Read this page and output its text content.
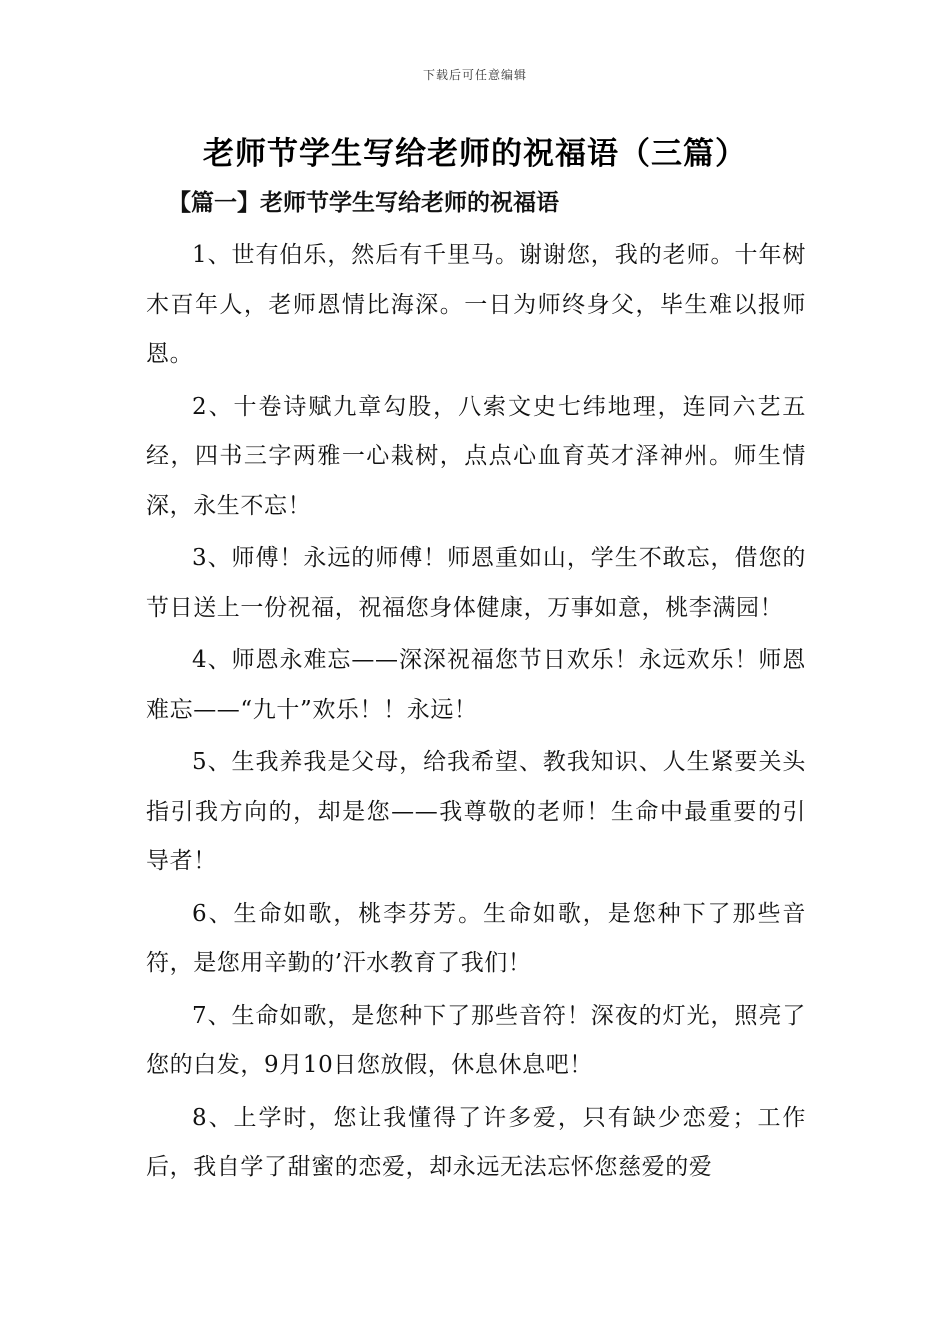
下载后可任意编辑
老师节学生写给老师的祝福语（三篇）
【篇一】老师节学生写给老师的祝福语

1、世有伯乐，然后有千里马。谢谢您，我的老师。十年树木百年人，老师恩情比海深。一日为师终身父，毕生难以报师恩。

2、十卷诗赋九章勾股，八索文史七纬地理，连同六艺五经，四书三字两雅一心栽树，点点心血育英才泽神州。师生情深，永生不忘！

3、师傅！永远的师傅！师恩重如山，学生不敢忘，借您的节日送上一份祝福，祝福您身体健康，万事如意，桃李满园！

4、师恩永难忘——深深祝福您节日欢乐！永远欢乐！师恩难忘——“九十”欢乐！！永远！

5、生我养我是父母，给我希望、教我知识、人生紧要关头指引我方向的，却是您——我尊敬的老师！生命中最重要的引导者！

6、生命如歌，桃李芬芳。生命如歌，是您种下了那些音符，是您用辛勤的’汗水教育了我们！

7、生命如歌，是您种下了那些音符！深夜的灯光，照亮了您的白发，9月10日您放假，休息休息吧！

8、上学时，您让我懂得了许多爱，只有缺少恋爱；工作后，我自学了甜蜜的恋爱，却永远无法忘怀您慈爱的爱
